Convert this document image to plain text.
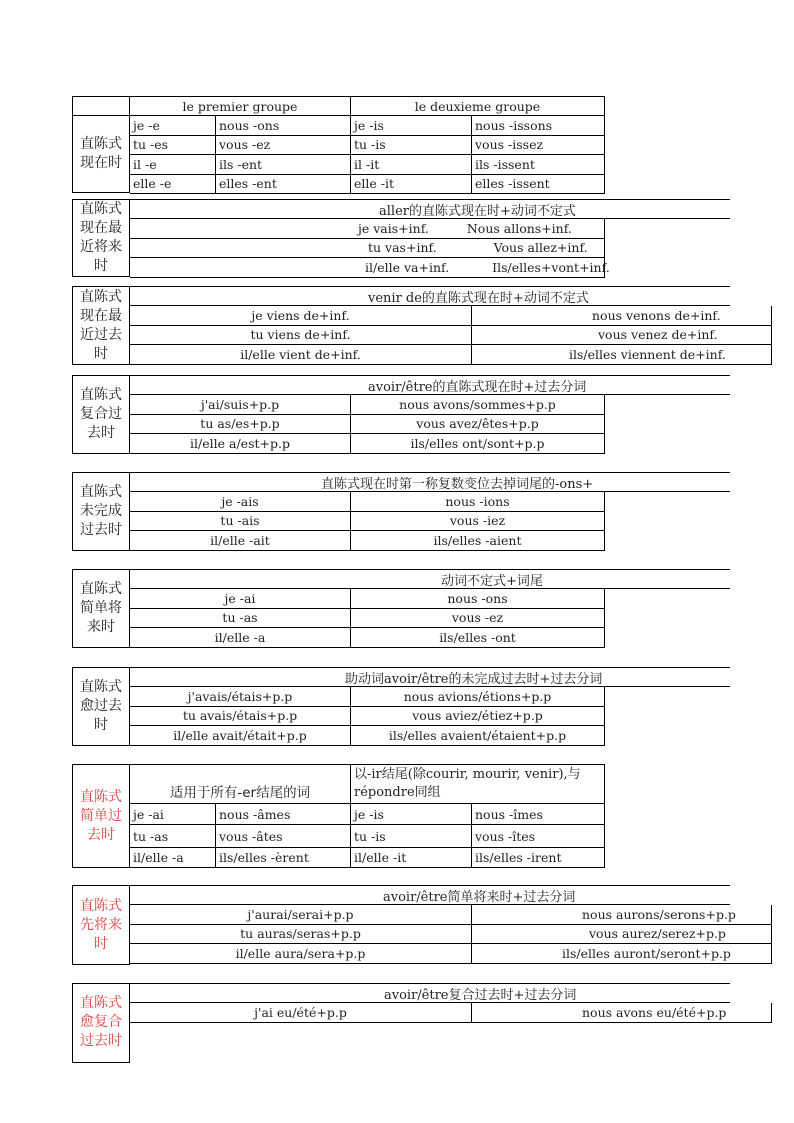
直陈式现在时
le premier groupe	le deuxieme groupe
je -e	nous -ons	je -is	nous -issons
tu -es	vous -ez	tu -is	vous -issez
il -e	ils -ent	il -it	ils -issent
elle -e	elles -ent	elle -it	elles -issent
直陈式现在最近将来时
aller的直陈式现在时+动词不定式
je vais+inf.	Nous allons+inf.
tu vas+inf.	Vous allez+inf.
il/elle va+inf.	Ils/elles+vont+inf.
直陈式现在最近过去时
venir de的直陈式现在时+动词不定式
je viens de+inf.	nous venons de+inf.
tu viens de+inf.	vous venez de+inf.
il/elle vient de+inf.	ils/elles viennent de+inf.
直陈式复合过去时
avoir/être的直陈式现在时+过去分词
j'ai/suis+p.p	nous avons/sommes+p.p
tu as/es+p.p	vous avez/êtes+p.p
il/elle a/est+p.p	ils/elles ont/sont+p.p
直陈式未完成过去时
直陈式现在时第一称复数变位去掉词尾的-ons+
je -ais	nous -ions
tu -ais	vous -iez
il/elle -ait	ils/elles -aient
直陈式简单将来时
动词不定式+词尾
je -ai	nous -ons
tu -as	vous -ez
il/elle -a	ils/elles -ont
直陈式愈过去时
助动词avoir/être的未完成过去时+过去分词
j'avais/étais+p.p	nous avions/étions+p.p
tu avais/étais+p.p	vous aviez/étiez+p.p
il/elle avait/était+p.p	ils/elles avaient/étaient+p.p
直陈式简单过去时
适用于所有-er结尾的词
以-ir结尾(除courir, mourir, venir),与répondre同组
je -ai	nous -âmes	je -is	nous -îmes
tu -as	vous -âtes	tu -is	vous -îtes
il/elle -a	ils/elles -èrent	il/elle -it	ils/elles -irent
直陈式先将来时
avoir/être简单将来时+过去分词
j'aurai/serai+p.p	nous aurons/serons+p.p
tu auras/seras+p.p	vous aurez/serez+p.p
il/elle aura/sera+p.p	ils/elles auront/seront+p.p
直陈式愈复合过去时
avoir/être复合过去时+过去分词
j'ai eu/été+p.p	nous avons eu/été+p.p
